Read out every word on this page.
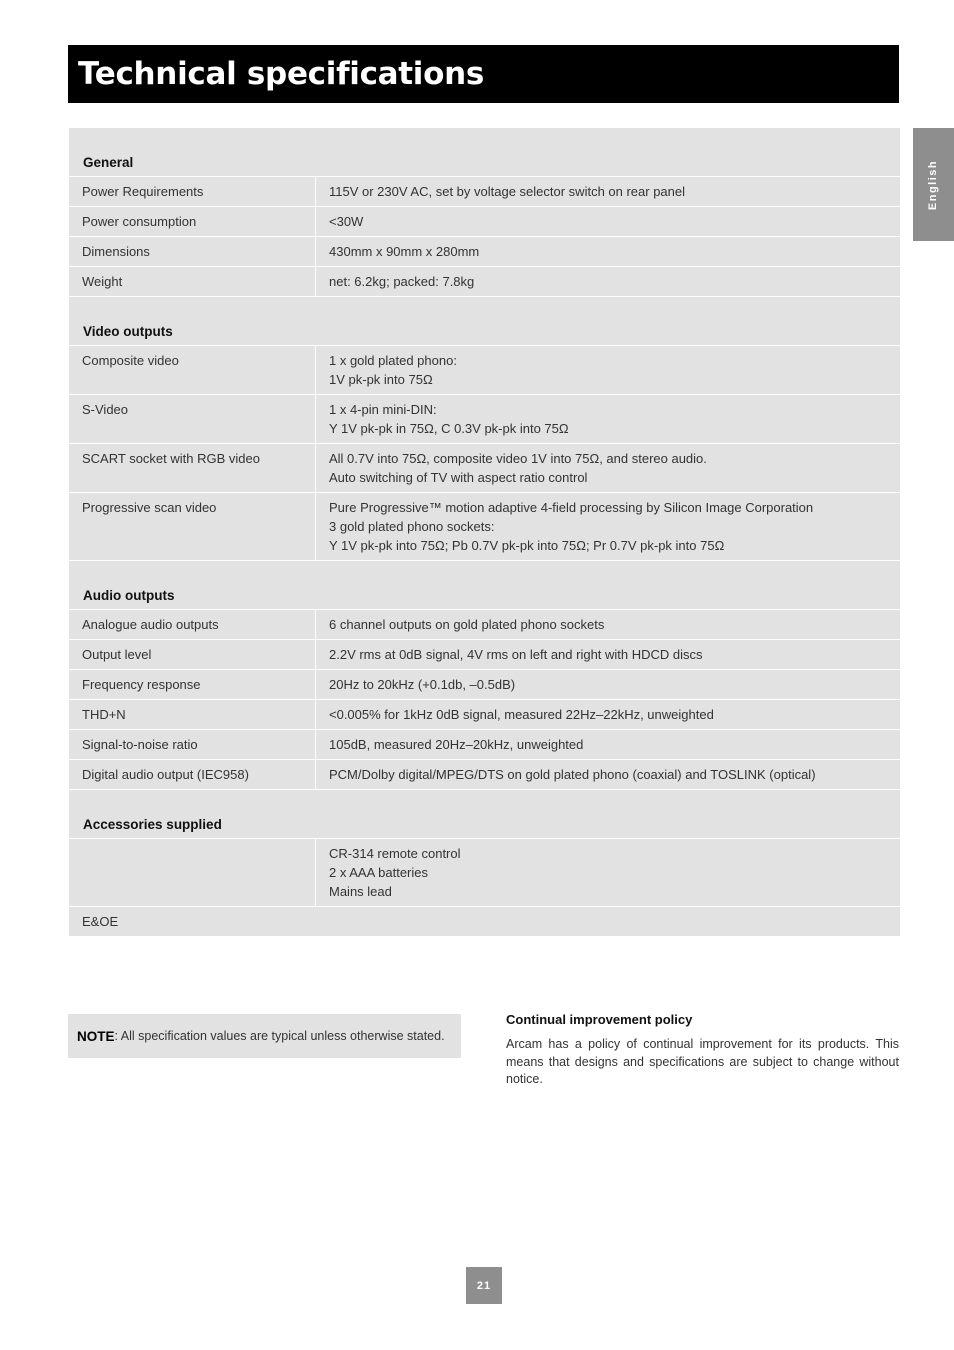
Technical specifications
English
General
Power Requirements	115V or 230V AC, set by voltage selector switch on rear panel
Power consumption	<30W
Dimensions	430mm x 90mm x 280mm
Weight	net: 6.2kg; packed: 7.8kg
Video outputs
Composite video	1 x gold plated phono:
1V pk-pk into 75Ω
S-Video	1 x 4-pin mini-DIN:
Y 1V pk-pk in 75Ω, C 0.3V pk-pk into 75Ω
SCART socket with RGB video	All 0.7V into 75Ω, composite video 1V into 75Ω, and stereo audio.
Auto switching of TV with aspect ratio control
Progressive scan video	Pure Progressive™ motion adaptive 4-field processing by Silicon Image Corporation
3 gold plated phono sockets:
Y 1V pk-pk into 75Ω; Pb 0.7V pk-pk into 75Ω; Pr 0.7V pk-pk into 75Ω
Audio outputs
Analogue audio outputs	6 channel outputs on gold plated phono sockets
Output level	2.2V rms at 0dB signal, 4V rms on left and right with HDCD discs
Frequency response	20Hz to 20kHz (+0.1db, –0.5dB)
THD+N	<0.005% for 1kHz 0dB signal, measured 22Hz–22kHz, unweighted
Signal-to-noise ratio	105dB, measured 20Hz–20kHz, unweighted
Digital audio output (IEC958)	PCM/Dolby digital/MPEG/DTS on gold plated phono (coaxial) and TOSLINK (optical)
Accessories supplied
CR-314 remote control
2 x AAA batteries
Mains lead
E&OE
NOTE : All specification values are typical unless otherwise stated.
Continual improvement policy

Arcam has a policy of continual improvement for its products. This means that designs and specifications are subject to change without notice.

21
